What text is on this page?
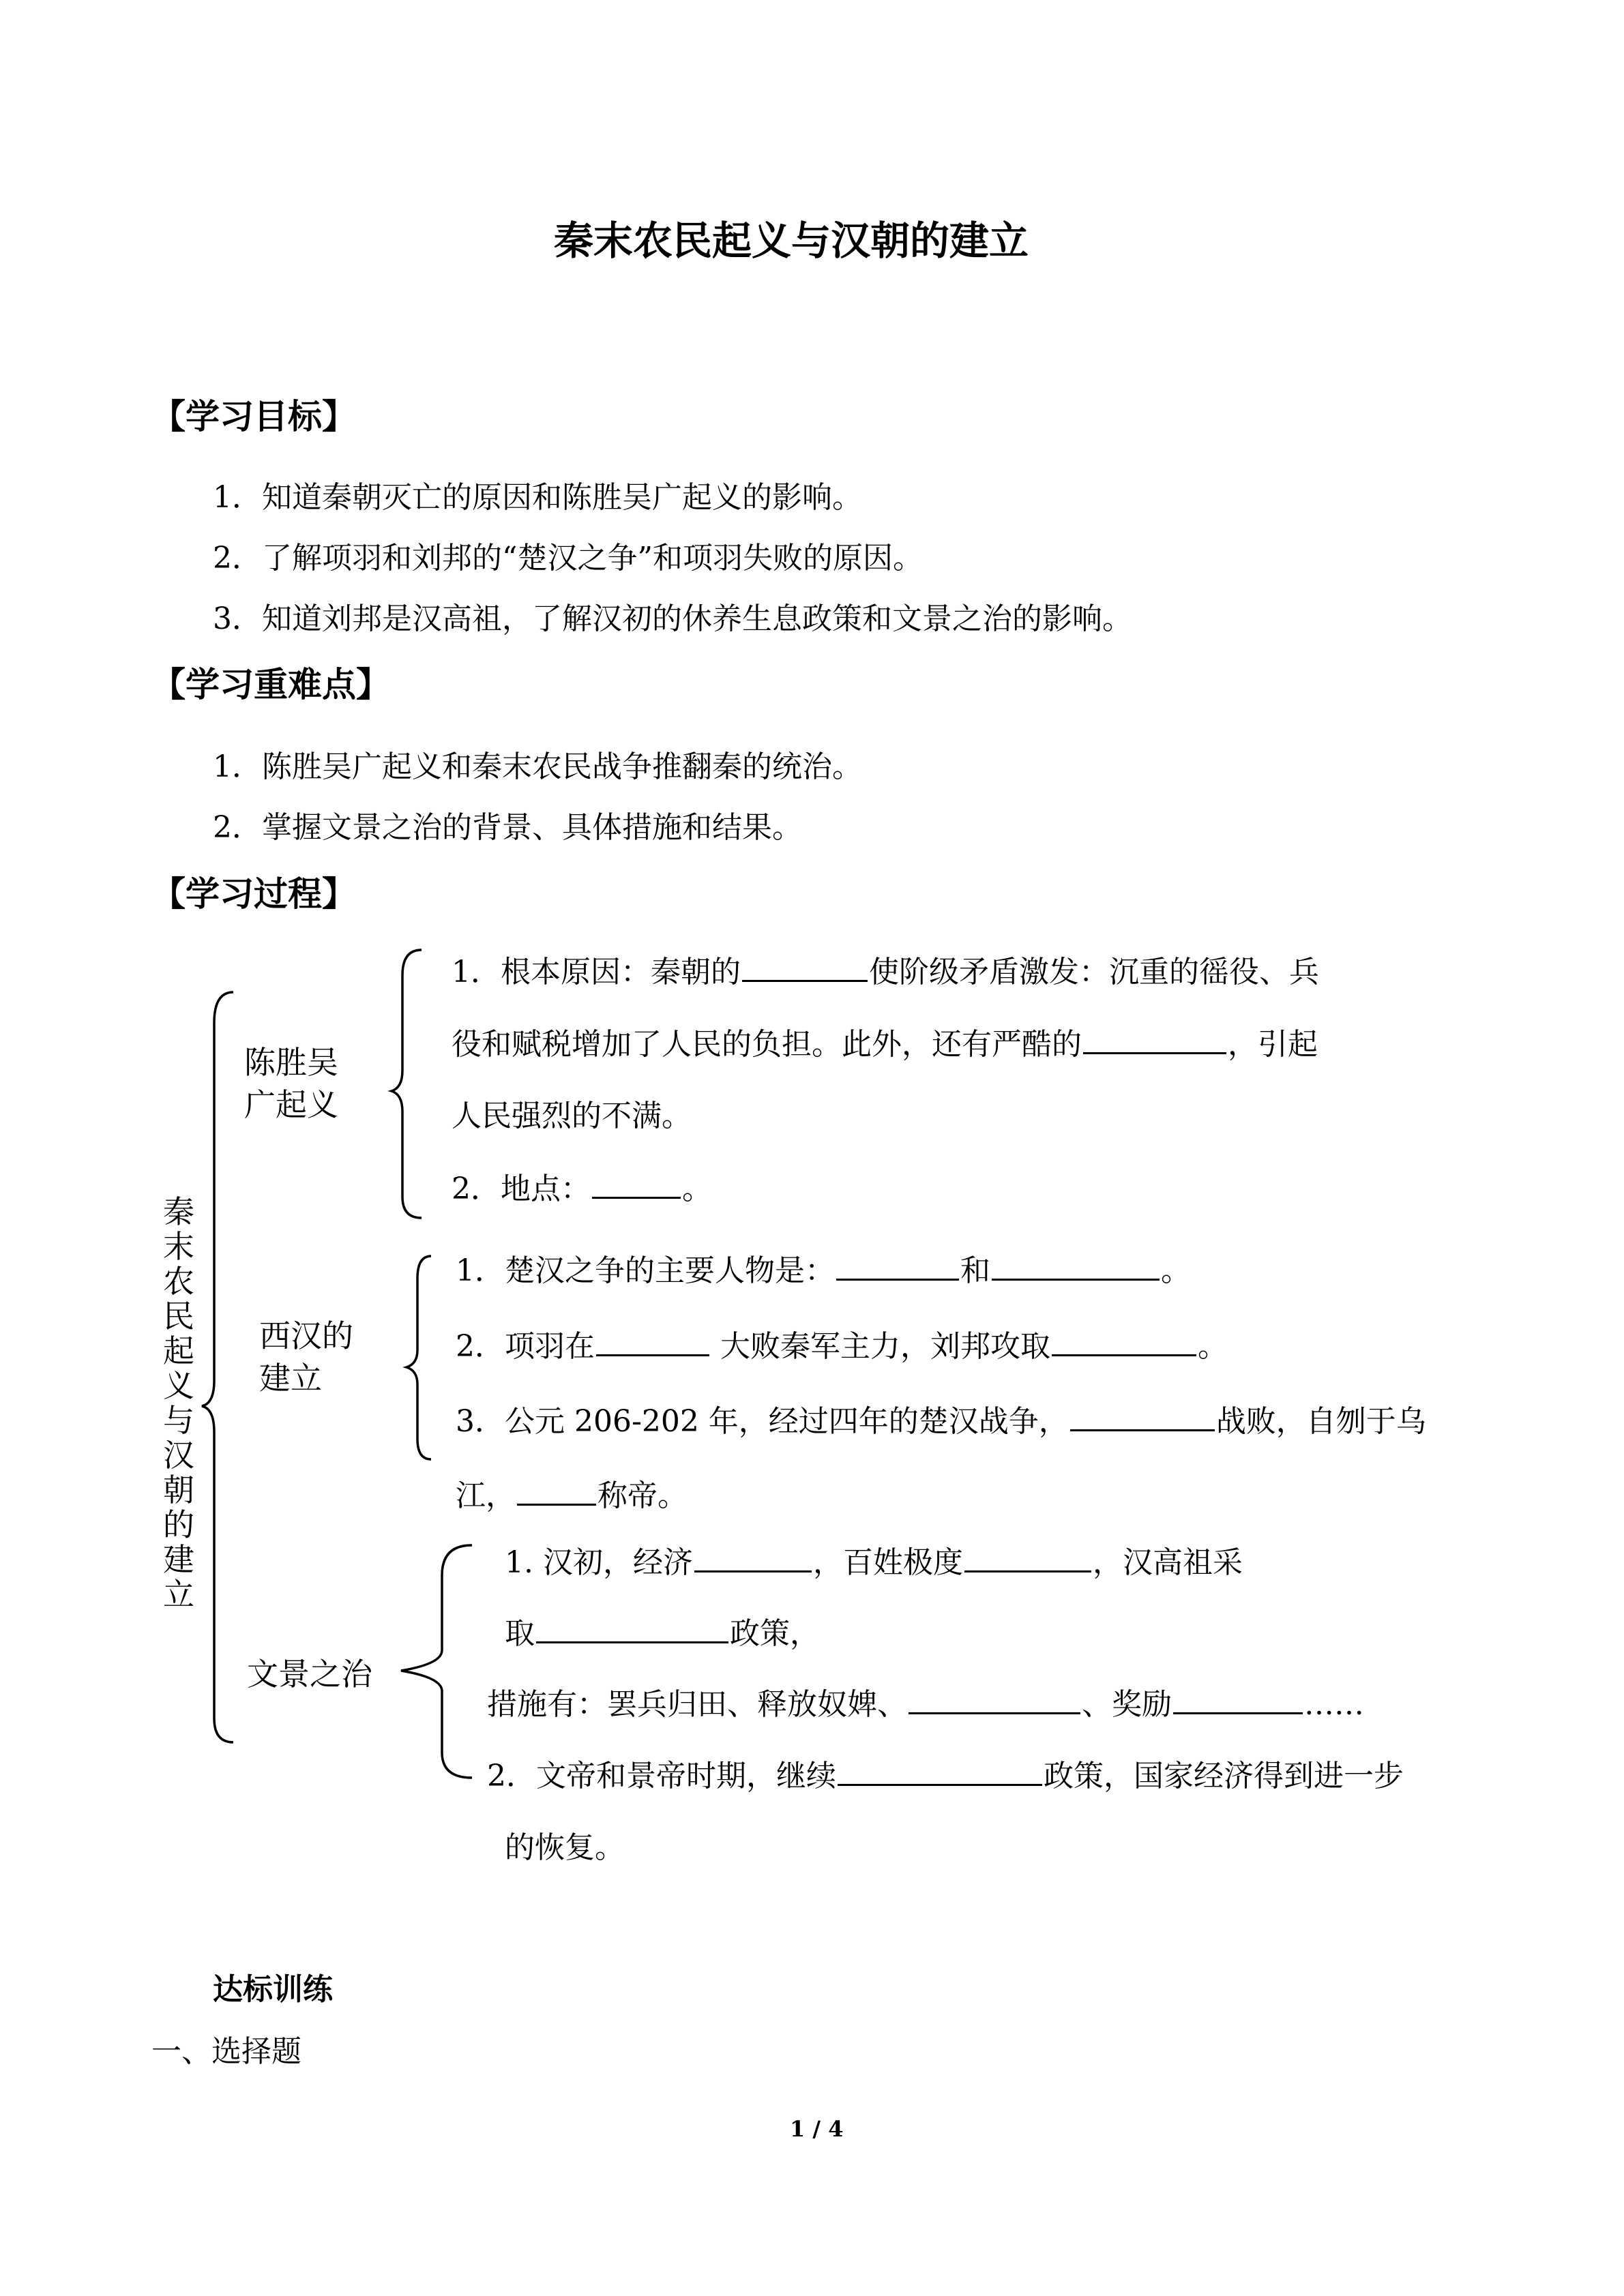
秦末农民起义与汉朝的建立
【学习目标】
1．知道秦朝灭亡的原因和陈胜吴广起义的影响。
2．了解项羽和刘邦的“楚汉之争”和项羽失败的原因。
3．知道刘邦是汉高祖，了解汉初的休养生息政策和文景之治的影响。
【学习重难点】
1．陈胜吴广起义和秦末农民战争推翻秦的统治。
2．掌握文景之治的背景、具体措施和结果。
【学习过程】
秦末农民起义与汉朝的建立
陈胜吴广起义
西汉的建立
文景之治
1．根本原因：秦朝的	使阶级矛盾激发：沉重的徭役、兵
役和赋税增加了人民的负担。此外，还有严酷的	，引起
人民强烈的不满。
2．地点：	。
1．楚汉之争的主要人物是：	和	。
2．项羽在	大败秦军主力，刘邦攻取	。
3．公元 206-202 年，经过四年的楚汉战争，	战败，自刎于乌
江，	称帝。
1. 汉初，经济	，百姓极度	，汉高祖采
取	政策，
措施有：罢兵归田、释放奴婢、	、奖励	……
2．文帝和景帝时期，继续	政策，国家经济得到进一步
的恢复。
达标训练
一、选择题
1 / 4
